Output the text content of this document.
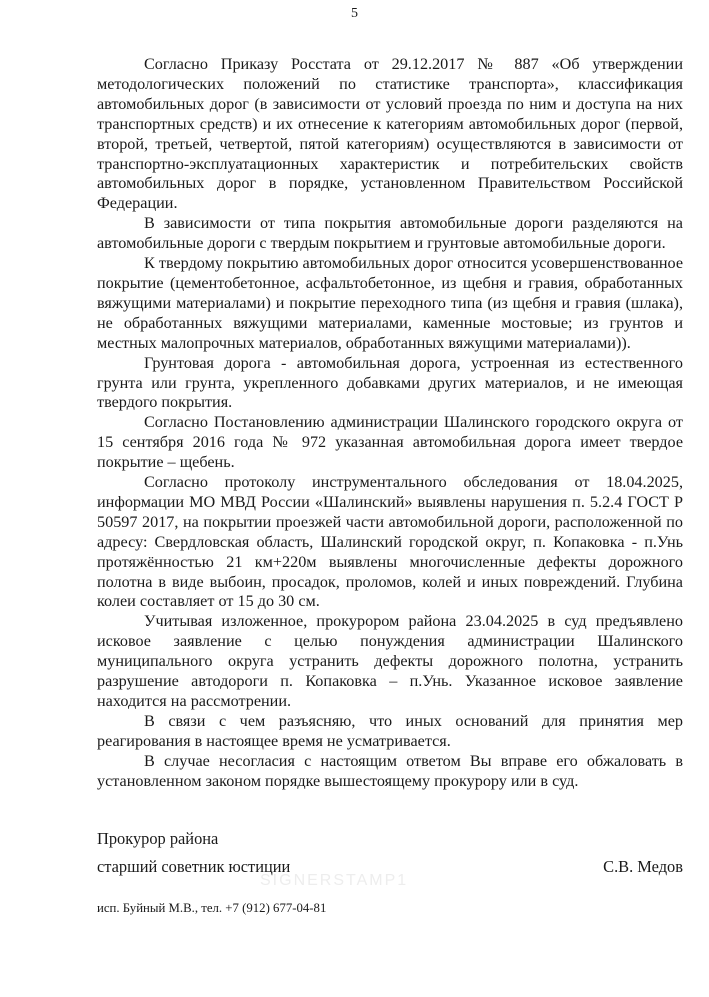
5

Согласно Приказу Росстата от 29.12.2017 № 887 «Об утверждении методологических положений по статистике транспорта», классификация автомобильных дорог (в зависимости от условий проезда по ним и доступа на них транспортных средств) и их отнесение к категориям автомобильных дорог (первой, второй, третьей, четвертой, пятой категориям) осуществляются в зависимости от транспортно-эксплуатационных характеристик и потребительских свойств автомобильных дорог в порядке, установленном Правительством Российской Федерации.

В зависимости от типа покрытия автомобильные дороги разделяются на автомобильные дороги с твердым покрытием и грунтовые автомобильные дороги.

К твердому покрытию автомобильных дорог относится усовершенствованное покрытие (цементобетонное, асфальтобетонное, из щебня и гравия, обработанных вяжущими материалами) и покрытие переходного типа (из щебня и гравия (шлака), не обработанных вяжущими материалами, каменные мостовые; из грунтов и местных малопрочных материалов, обработанных вяжущими материалами)).

Грунтовая дорога - автомобильная дорога, устроенная из естественного грунта или грунта, укрепленного добавками других материалов, и не имеющая твердого покрытия.

Согласно Постановлению администрации Шалинского городского округа от 15 сентября 2016 года № 972 указанная автомобильная дорога имеет твердое покрытие – щебень.

Согласно протоколу инструментального обследования от 18.04.2025, информации МО МВД России «Шалинский» выявлены нарушения п. 5.2.4 ГОСТ Р 50597 2017, на покрытии проезжей части автомобильной дороги, расположенной по адресу: Свердловская область, Шалинский городской округ, п. Копаковка - п.Унь протяжённостью 21 км+220м выявлены многочисленные дефекты дорожного полотна в виде выбоин, просадок, проломов, колей и иных повреждений. Глубина колеи составляет от 15 до 30 см.

Учитывая изложенное, прокурором района 23.04.2025 в суд предъявлено исковое заявление с целью понуждения администрации Шалинского муниципального округа устранить дефекты дорожного полотна, устранить разрушение автодороги п. Копаковка – п.Унь. Указанное исковое заявление находится на рассмотрении.

В связи с чем разъясняю, что иных оснований для принятия мер реагирования в настоящее время не усматривается.

В случае несогласия с настоящим ответом Вы вправе его обжаловать в установленном законом порядке вышестоящему прокурору или в суд.

Прокурор района
старший советник юстиции	С.В. Медов
SIGNERSTAMP1
исп. Буйный М.В., тел. +7 (912) 677-04-81
